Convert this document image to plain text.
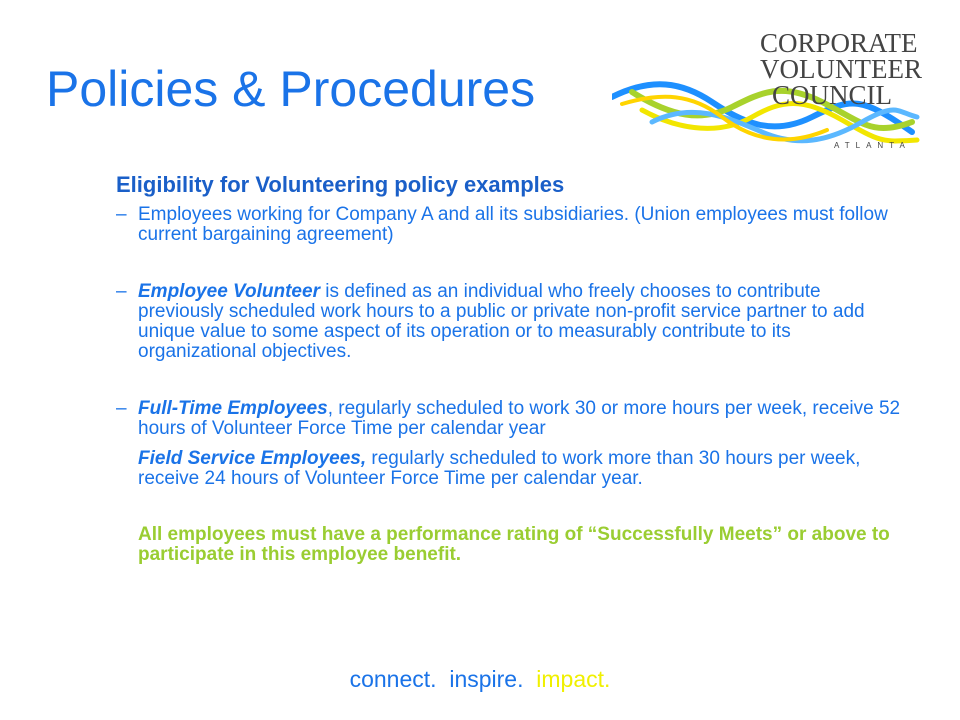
Policies & Procedures
CORPORATE
VOLUNTEER
COUNCIL
ATLANTA
Eligibility for Volunteering policy examples
– Employees working for Company A and all its subsidiaries. (Union employees must follow current bargaining agreement)
– Employee Volunteer is defined as an individual who freely chooses to contribute previously scheduled work hours to a public or private non-profit service partner to add unique value to some aspect of its operation or to measurably contribute to its organizational objectives.
– Full-Time Employees, regularly scheduled to work 30 or more hours per week, receive 52 hours of Volunteer Force Time per calendar year
Field Service Employees, regularly scheduled to work more than 30 hours per week, receive 24 hours of Volunteer Force Time per calendar year.
All employees must have a performance rating of “Successfully Meets” or above to participate in this employee benefit.
connect. inspire. impact.
